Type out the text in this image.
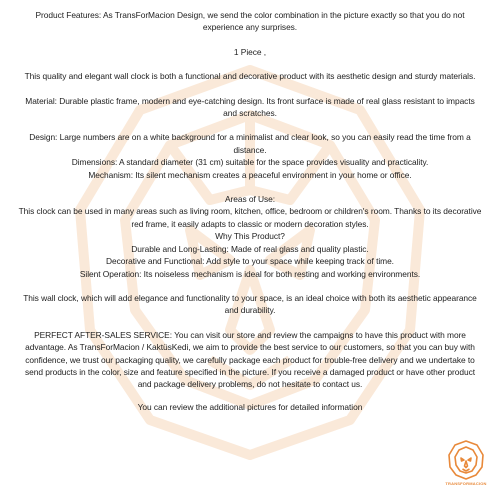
Product Features: As TransForMacion Design, we send the color combination in the picture exactly so that you do not experience any surprises.

1 Piece ,

This quality and elegant wall clock is both a functional and decorative product with its aesthetic design and sturdy materials.

Material: Durable plastic frame, modern and eye-catching design. Its front surface is made of real glass resistant to impacts and scratches.

Design: Large numbers are on a white background for a minimalist and clear look, so you can easily read the time from a distance.

Dimensions: A standard diameter (31 cm) suitable for the space provides visuality and practicality.

Mechanism: Its silent mechanism creates a peaceful environment in your home or office.

Areas of Use:

This clock can be used in many areas such as living room, kitchen, office, bedroom or children's room. Thanks to its decorative red frame, it easily adapts to classic or modern decoration styles.

Why This Product?

Durable and Long-Lasting: Made of real glass and quality plastic.

Decorative and Functional: Add style to your space while keeping track of time.

Silent Operation: Its noiseless mechanism is ideal for both resting and working environments.

This wall clock, which will add elegance and functionality to your space, is an ideal choice with both its aesthetic appearance and durability.

PERFECT AFTER-SALES SERVICE: You can visit our store and review the campaigns to have this product with more advantage. As TransForMacion / KaktüsKedi, we aim to provide the best service to our customers, so that you can buy with confidence, we trust our packaging quality, we carefully package each product for trouble-free delivery and we undertake to send products in the color, size and feature specified in the picture. If you receive a damaged product or have other product and package delivery problems, do not hesitate to contact us.

You can review the additional pictures for detailed information

TRANSFORMACION
